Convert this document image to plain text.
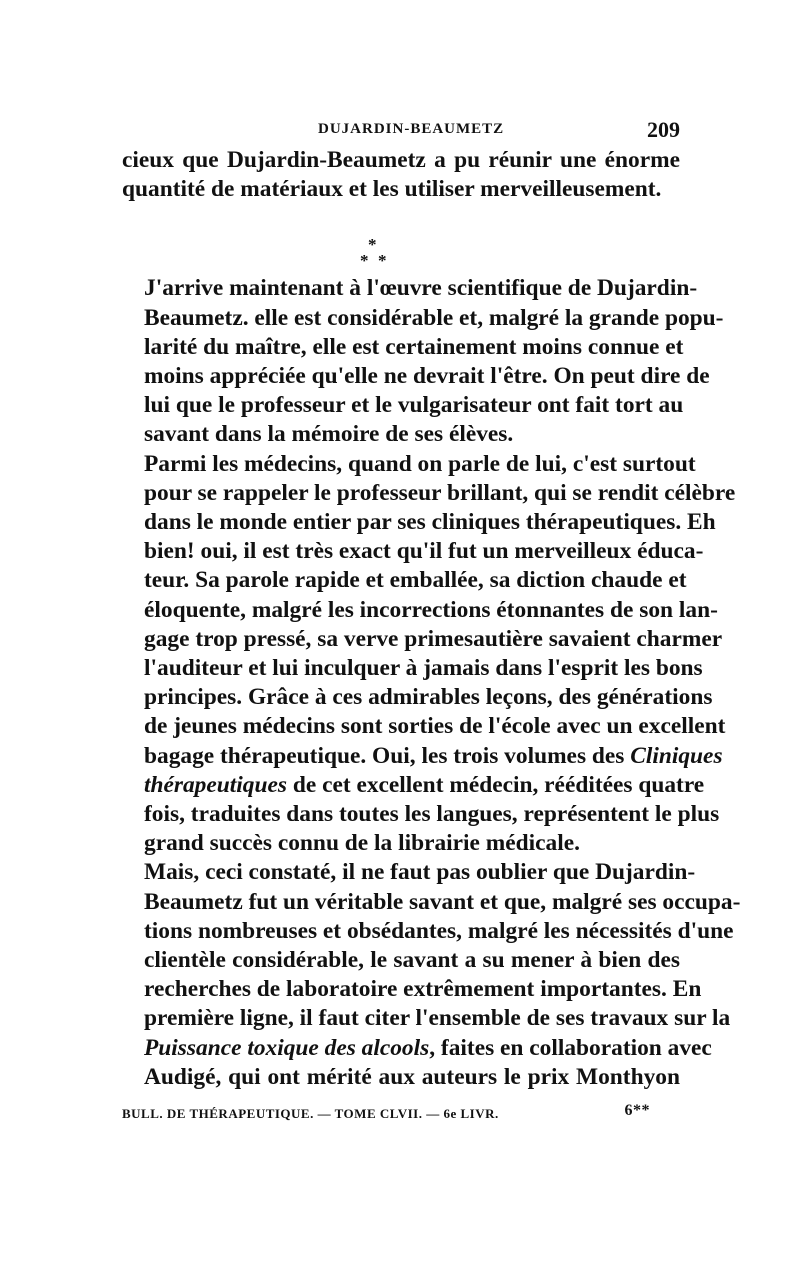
DUJARDIN-BEAUMETZ	209

cieux que Dujardin-Beaumetz a pu réunir une énorme
quantité de matériaux et les utiliser merveilleusement.

*
* *

J'arrive maintenant à l'œuvre scientifique de Dujardin-
Beaumetz. elle est considérable et, malgré la grande popu-
larité du maître, elle est certainement moins connue et
moins appréciée qu'elle ne devrait l'être. On peut dire de
lui que le professeur et le vulgarisateur ont fait tort au
savant dans la mémoire de ses élèves.

Parmi les médecins, quand on parle de lui, c'est surtout
pour se rappeler le professeur brillant, qui se rendit célèbre
dans le monde entier par ses cliniques thérapeutiques. Eh
bien! oui, il est très exact qu'il fut un merveilleux éduca-
teur. Sa parole rapide et emballée, sa diction chaude et
éloquente, malgré les incorrections étonnantes de son lan-
gage trop pressé, sa verve primesautière savaient charmer
l'auditeur et lui inculquer à jamais dans l'esprit les bons
principes. Grâce à ces admirables leçons, des générations
de jeunes médecins sont sorties de l'école avec un excellent
bagage thérapeutique. Oui, les trois volumes des Cliniques
thérapeutiques de cet excellent médecin, rééditées quatre
fois, traduites dans toutes les langues, représentent le plus
grand succès connu de la librairie médicale.

Mais, ceci constaté, il ne faut pas oublier que Dujardin-
Beaumetz fut un véritable savant et que, malgré ses occupa-
tions nombreuses et obsédantes, malgré les nécessités d'une
clientèle considérable, le savant a su mener à bien des
recherches de laboratoire extrêmement importantes. En
première ligne, il faut citer l'ensemble de ses travaux sur la
Puissance toxique des alcools, faites en collaboration avec
Audigé, qui ont mérité aux auteurs le prix Monthyon

BULL. DE THÉRAPEUTIQUE. — TOME CLVII. — 6e LIVR.	6**
